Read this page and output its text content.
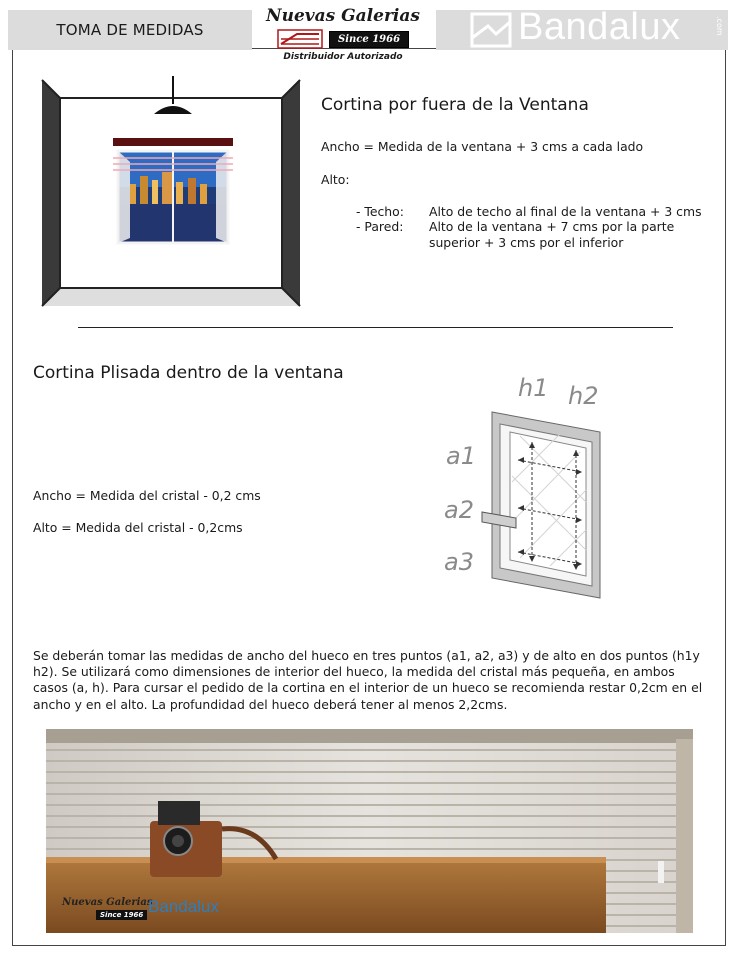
TOMA DE MEDIDAS
Nuevas Galerias
Since 1966
Distribuidor Autorizado
Bandalux	.com
Cortina por fuera de la Ventana
Ancho = Medida de la ventana + 3 cms a cada lado
Alto:
- Techo: Alto de techo al final de la ventana + 3 cms
- Pared: Alto de la ventana + 7 cms por la parte
superior + 3 cms por el inferior
Cortina Plisada dentro de la ventana
Ancho = Medida del cristal - 0,2 cms
Alto = Medida del cristal - 0,2cms
h1 h2
a1
a2
a3
Se deberán tomar las medidas de ancho del hueco en tres puntos (a1, a2, a3) y de alto en dos puntos (h1y h2). Se utilizará como dimensiones de interior del hueco, la medida del cristal más pequeña, en ambos casos (a, h). Para cursar el pedido de la cortina en el interior de un hueco se recomienda restar 0,2cm en el ancho y en el alto. La profundidad del hueco deberá tener al menos 2,2cms.
Nuevas Galerias
Since 1966 Bandalux
